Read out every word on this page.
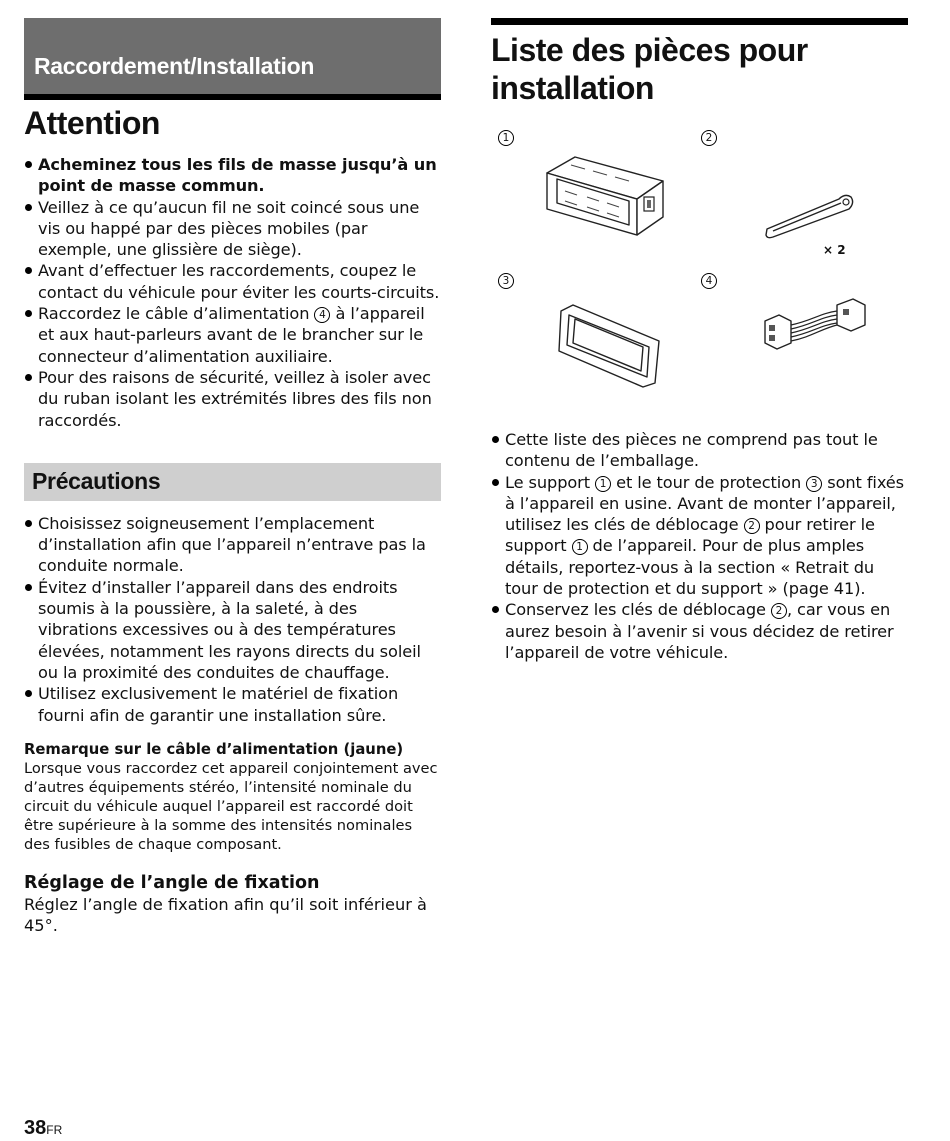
Raccordement/Installation
Attention
Acheminez tous les fils de masse jusqu’à un point de masse commun.
Veillez à ce qu’aucun fil ne soit coincé sous une vis ou happé par des pièces mobiles (par exemple, une glissière de siège).
Avant d’effectuer les raccordements, coupez le contact du véhicule pour éviter les courts-circuits.
Raccordez le câble d’alimentation 4 à l’appareil et aux haut-parleurs avant de le brancher sur le connecteur d’alimentation auxiliaire.
Pour des raisons de sécurité, veillez à isoler avec du ruban isolant les extrémités libres des fils non raccordés.
Précautions
Choisissez soigneusement l’emplacement d’installation afin que l’appareil n’entrave pas la conduite normale.
Évitez d’installer l’appareil dans des endroits soumis à la poussière, à la saleté, à des vibrations excessives ou à des températures élevées, notamment les rayons directs du soleil ou la proximité des conduites de chauffage.
Utilisez exclusivement le matériel de fixation fourni afin de garantir une installation sûre.
Remarque sur le câble d’alimentation (jaune)
Lorsque vous raccordez cet appareil conjointement avec d’autres équipements stéréo, l’intensité nominale du circuit du véhicule auquel l’appareil est raccordé doit être supérieure à la somme des intensités nominales des fusibles de chaque composant.
Réglage de l’angle de fixation
Réglez l’angle de fixation afin qu’il soit inférieur à 45°.
Liste des pièces pour installation
1	2
3	4
× 2
Cette liste des pièces ne comprend pas tout le contenu de l’emballage.
Le support 1 et le tour de protection 3 sont fixés à l’appareil en usine. Avant de monter l’appareil, utilisez les clés de déblocage 2 pour retirer le support 1 de l’appareil. Pour de plus amples détails, reportez-vous à la section « Retrait du tour de protection et du support » (page 41).
Conservez les clés de déblocage 2 , car vous en aurez besoin à l’avenir si vous décidez de retirer l’appareil de votre véhicule.
38FR
